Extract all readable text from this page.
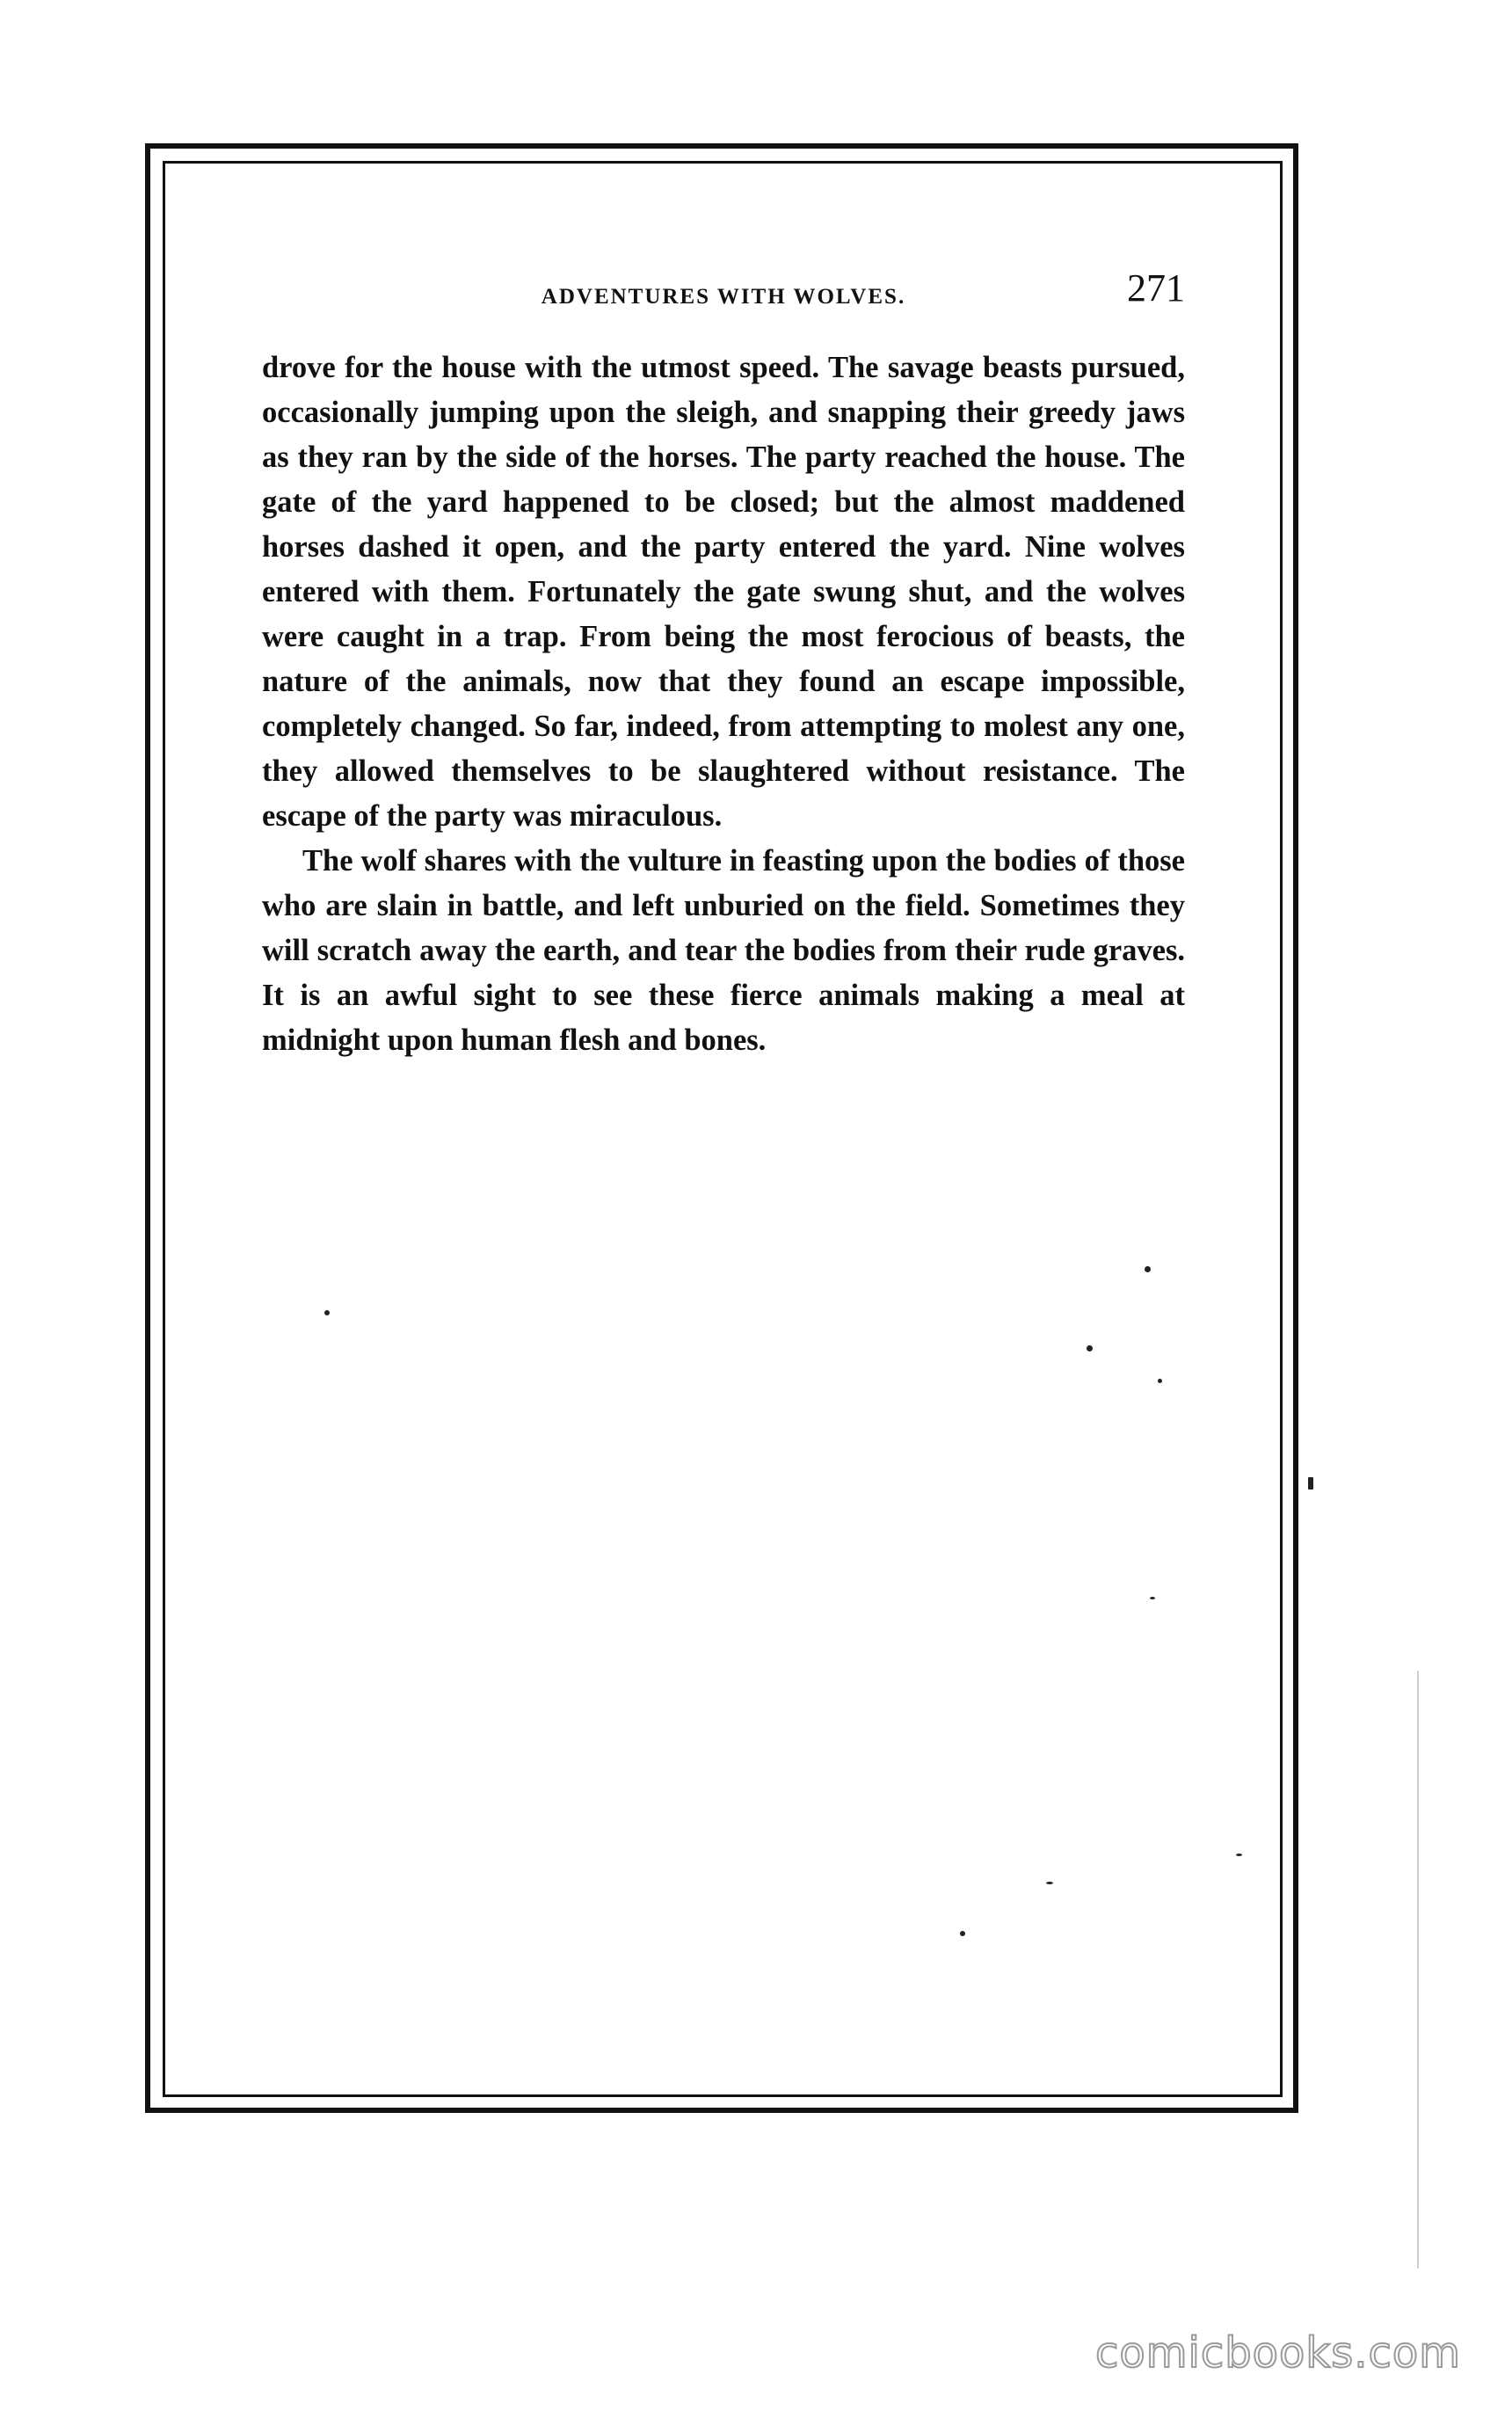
ADVENTURES WITH WOLVES.	271

drove for the house with the utmost speed. The savage beasts pursued, occasionally jumping upon the sleigh, and snapping their greedy jaws as they ran by the side of the horses. The party reached the house. The gate of the yard happened to be closed; but the almost maddened horses dashed it open, and the party entered the yard. Nine wolves entered with them. Fortunately the gate swung shut, and the wolves were caught in a trap. From being the most ferocious of beasts, the nature of the animals, now that they found an escape impossible, completely changed. So far, indeed, from attempting to molest any one, they allowed themselves to be slaughtered without resistance. The escape of the party was miraculous.

The wolf shares with the vulture in feasting upon the bodies of those who are slain in battle, and left unburied on the field. Sometimes they will scratch away the earth, and tear the bodies from their rude graves. It is an awful sight to see these fierce animals making a meal at midnight upon human flesh and bones.

comicbooks.com
